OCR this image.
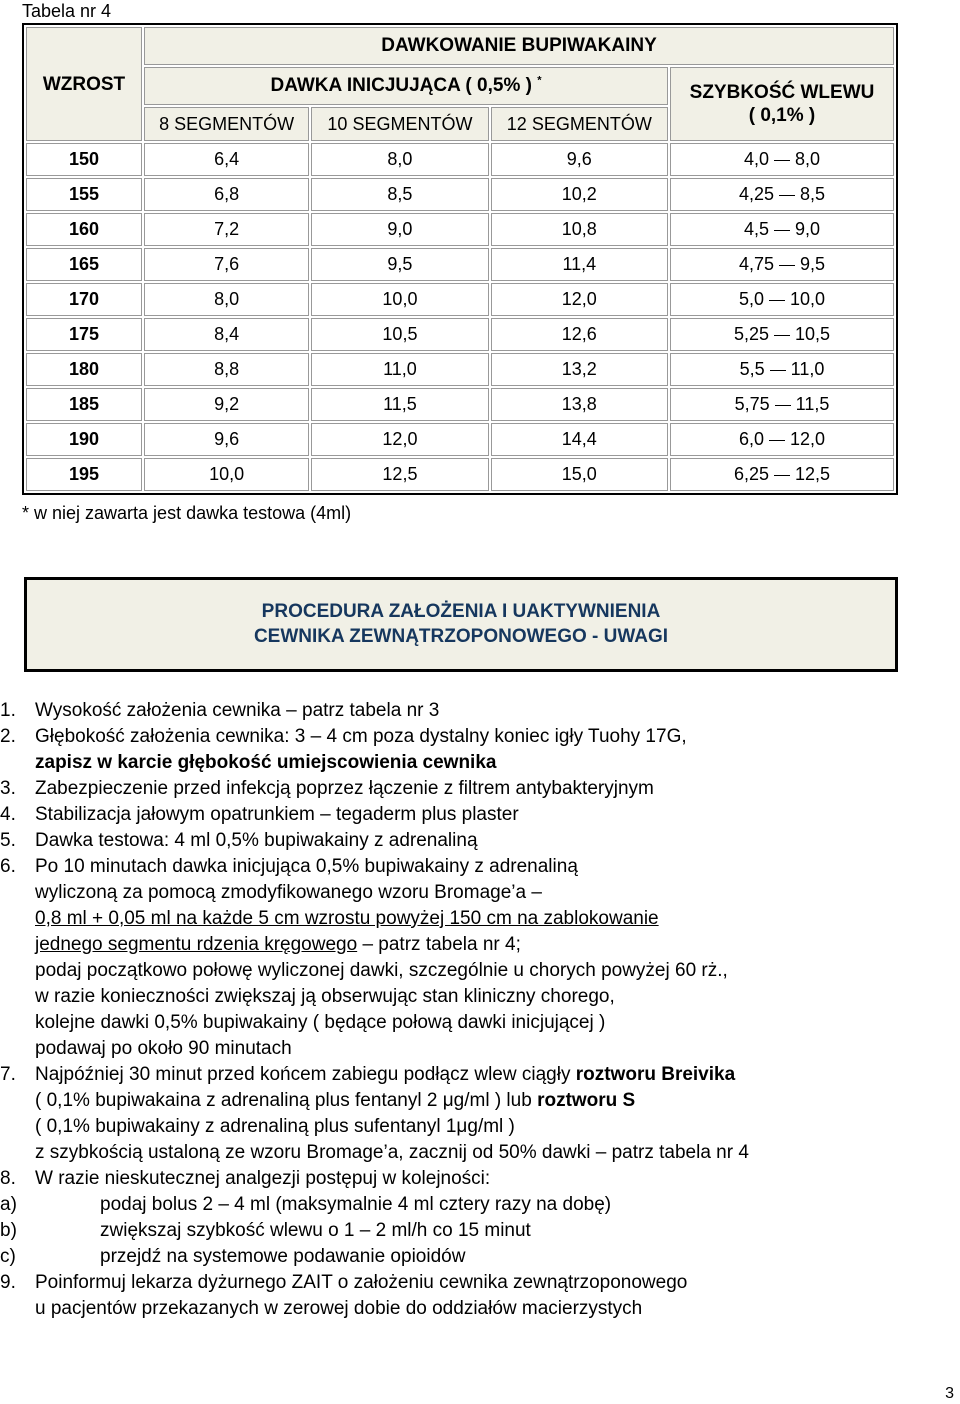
Tabela nr 4
WZROST	DAWKOWANIE BUPIWAKAINY			
	DAWKA INICJUJĄCA ( 0,5% ) *			SZYBKOŚĆ WLEWU
( 0,1% )
	8 SEGMENTÓW	10 SEGMENTÓW	12 SEGMENTÓW	
150	6,4	8,0	9,6	4,0 8,0
155	6,8	8,5	10,2	4,25 8,5
160	7,2	9,0	10,8	4,5 9,0
165	7,6	9,5	11,4	4,75 9,5
170	8,0	10,0	12,0	5,0 10,0
175	8,4	10,5	12,6	5,25 10,5
180	8,8	11,0	13,2	5,5 11,0
185	9,2	11,5	13,8	5,75 11,5
190	9,6	12,0	14,4	6,0 12,0
195	10,0	12,5	15,0	6,25 12,5
* w niej zawarta jest dawka testowa (4ml)
PROCEDURA ZAŁOŻENIA I UAKTYWNIENIA
CEWNIKA ZEWNĄTRZOPONOWEGO - UWAGI
1.	Wysokość założenia cewnika – patrz tabela nr 3
2.	Głębokość założenia cewnika: 3 – 4 cm poza dystalny koniec igły Tuohy 17G,
zapisz w karcie głębokość umiejscowienia cewnika
3.	Zabezpieczenie przed infekcją poprzez łączenie z filtrem antybakteryjnym
4.	Stabilizacja jałowym opatrunkiem – tegaderm plus plaster
5.	Dawka testowa: 4 ml 0,5% bupiwakainy z adrenaliną
6.	Po 10 minutach dawka inicjująca 0,5% bupiwakainy z adrenaliną
wyliczoną za pomocą zmodyfikowanego wzoru Bromage’a –
0,8 ml + 0,05 ml na każde 5 cm wzrostu powyżej 150 cm na zablokowanie
jednego segmentu rdzenia kręgowego – patrz tabela nr 4;
podaj początkowo połowę wyliczonej dawki, szczególnie u chorych powyżej 60 rż.,
w razie konieczności zwiększaj ją obserwując stan kliniczny chorego,
kolejne dawki 0,5% bupiwakainy ( będące połową dawki inicjującej )
podawaj po około 90 minutach
7.	Najpóźniej 30 minut przed końcem zabiegu podłącz wlew ciągły roztworu Breivika
( 0,1% bupiwakaina z adrenaliną plus fentanyl 2 μg/ml ) lub roztworu S
( 0,1% bupiwakainy z adrenaliną plus sufentanyl 1μg/ml )
z szybkością ustaloną ze wzoru Bromage’a, zacznij od 50% dawki – patrz tabela nr 4
8.	W razie nieskutecznej analgezji postępuj w kolejności:
a)	podaj bolus 2 – 4 ml (maksymalnie 4 ml cztery razy na dobę)
b)	zwiększaj szybkość wlewu o 1 – 2 ml/h co 15 minut
c)	przejdź na systemowe podawanie opioidów
9.	Poinformuj lekarza dyżurnego ZAIT o założeniu cewnika zewnątrzoponowego
u pacjentów przekazanych w zerowej dobie do oddziałów macierzystych
3
